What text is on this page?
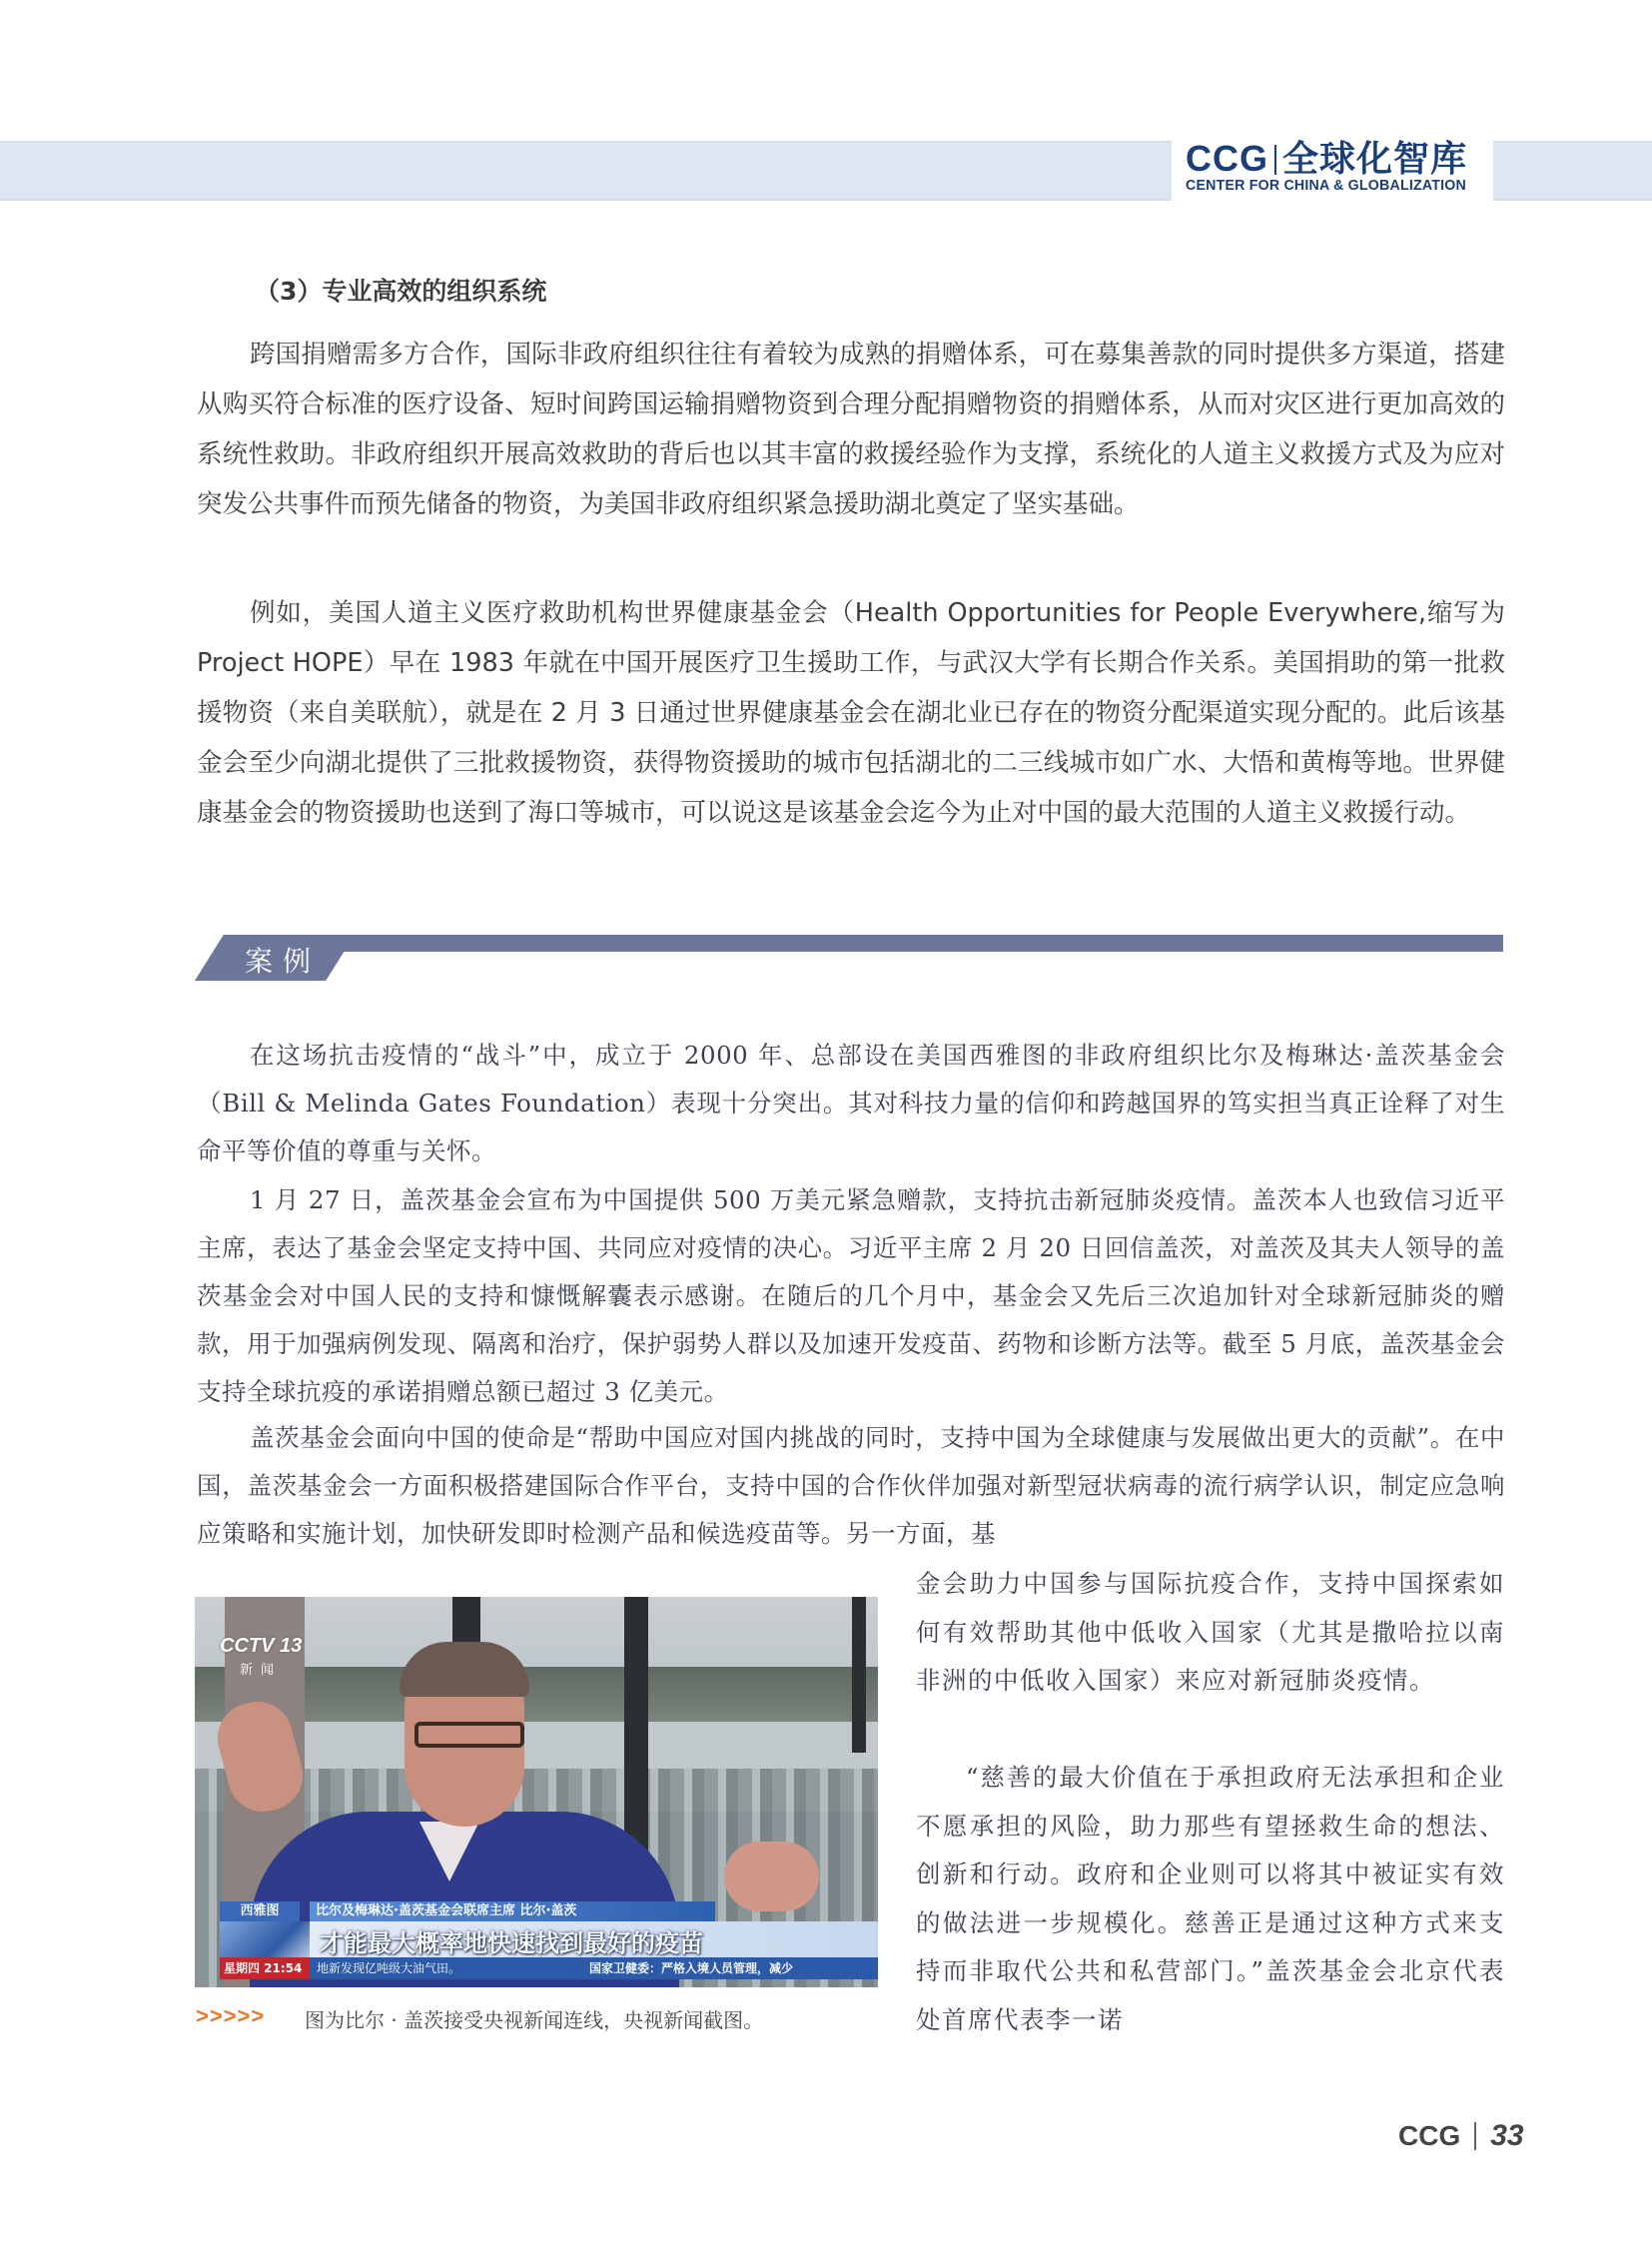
CCG 全球化智库
CENTER FOR CHINA & GLOBALIZATION
（3）专业高效的组织系统

跨国捐赠需多方合作，国际非政府组织往往有着较为成熟的捐赠体系，可在募集善款的同时提供多方渠道，搭建从购买符合标准的医疗设备、短时间跨国运输捐赠物资到合理分配捐赠物资的捐赠体系，从而对灾区进行更加高效的系统性救助。非政府组织开展高效救助的背后也以其丰富的救援经验作为支撑，系统化的人道主义救援方式及为应对突发公共事件而预先储备的物资，为美国非政府组织紧急援助湖北奠定了坚实基础。

例如，美国人道主义医疗救助机构世界健康基金会（Health Opportunities for People Everywhere,缩写为 Project HOPE）早在 1983 年就在中国开展医疗卫生援助工作，与武汉大学有长期合作关系。美国捐助的第一批救援物资（来自美联航），就是在 2 月 3 日通过世界健康基金会在湖北业已存在的物资分配渠道实现分配的。此后该基金会至少向湖北提供了三批救援物资，获得物资援助的城市包括湖北的二三线城市如广水、大悟和黄梅等地。世界健康基金会的物资援助也送到了海口等城市，可以说这是该基金会迄今为止对中国的最大范围的人道主义救援行动。

案例

在这场抗击疫情的“战斗”中，成立于 2000 年、总部设在美国西雅图的非政府组织比尔及梅琳达·盖茨基金会（Bill & Melinda Gates Foundation）表现十分突出。其对科技力量的信仰和跨越国界的笃实担当真正诠释了对生命平等价值的尊重与关怀。

1 月 27 日，盖茨基金会宣布为中国提供 500 万美元紧急赠款，支持抗击新冠肺炎疫情。盖茨本人也致信习近平主席，表达了基金会坚定支持中国、共同应对疫情的决心。习近平主席 2 月 20 日回信盖茨，对盖茨及其夫人领导的盖茨基金会对中国人民的支持和慷慨解囊表示感谢。在随后的几个月中，基金会又先后三次追加针对全球新冠肺炎的赠款，用于加强病例发现、隔离和治疗，保护弱势人群以及加速开发疫苗、药物和诊断方法等。截至 5 月底，盖茨基金会支持全球抗疫的承诺捐赠总额已超过 3 亿美元。

盖茨基金会面向中国的使命是“帮助中国应对国内挑战的同时，支持中国为全球健康与发展做出更大的贡献”。在中国，盖茨基金会一方面积极搭建国际合作平台，支持中国的合作伙伴加强对新型冠状病毒的流行病学认识，制定应急响应策略和实施计划，加快研发即时检测产品和候选疫苗等。另一方面，基

金会助力中国参与国际抗疫合作，支持中国探索如何有效帮助其他中低收入国家（尤其是撒哈拉以南非洲的中低收入国家）来应对新冠肺炎疫情。

“慈善的最大价值在于承担政府无法承担和企业不愿承担的风险，助力那些有望拯救生命的想法、创新和行动。政府和企业则可以将其中被证实有效的做法进一步规模化。慈善正是通过这种方式来支持而非取代公共和私营部门。”盖茨基金会北京代表处首席代表李一诺

CCTV 13
新闻
西雅图	比尔及梅琳达·盖茨基金会联席主席 比尔·盖茨
才能最大概率地快速找到最好的疫苗
星期四 21:54	地新发现亿吨级大油气田。	国家卫健委：严格入境人员管理，减少
>>>>> 图为比尔 · 盖茨接受央视新闻连线，央视新闻截图。
CCG 33
